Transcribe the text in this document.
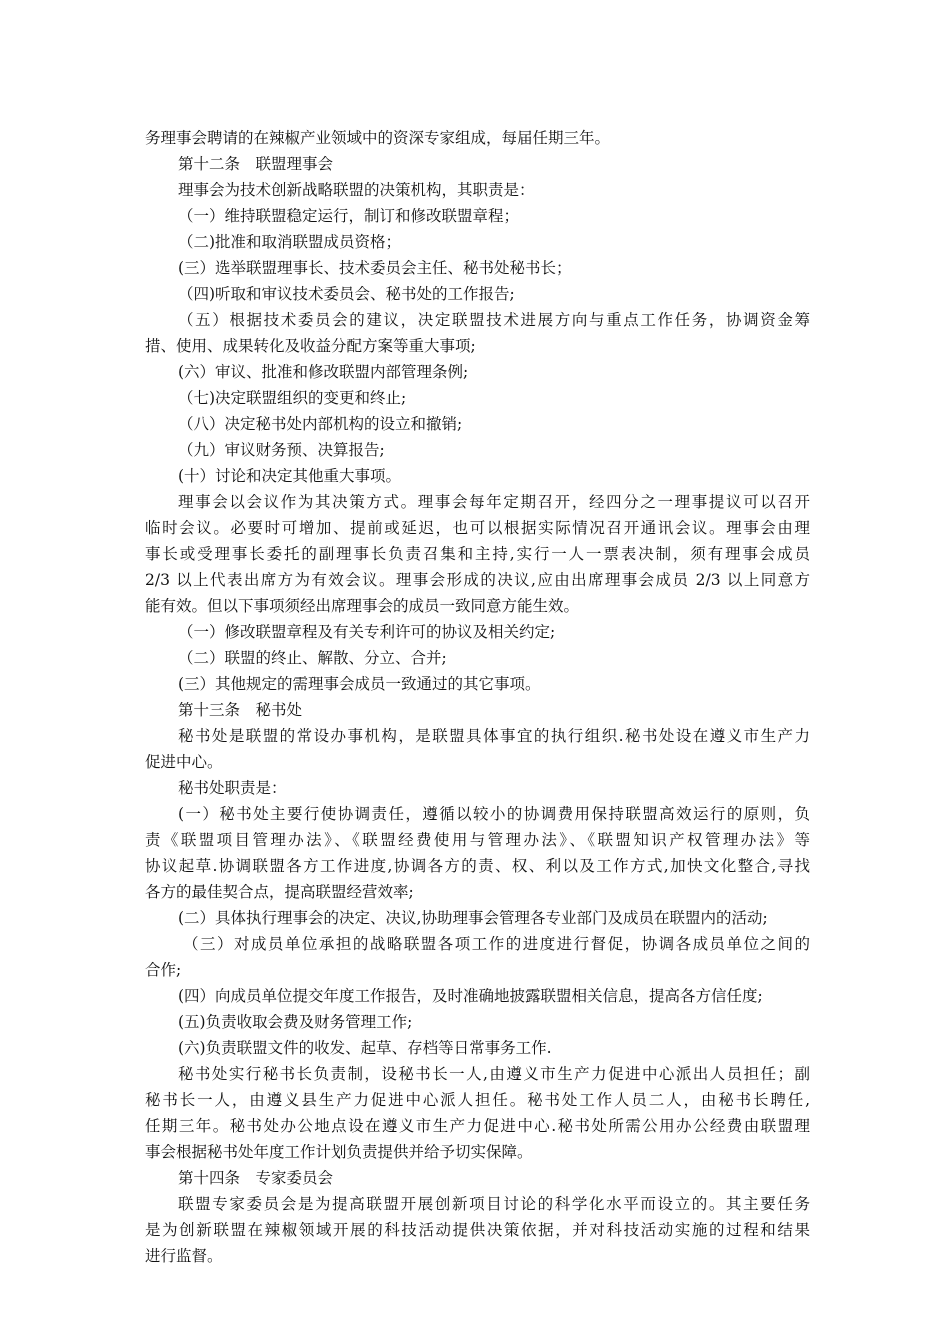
务理事会聘请的在辣椒产业领域中的资深专家组成，每届任期三年。
第十二条　联盟理事会
理事会为技术创新战略联盟的决策机构，其职责是：
（一）维持联盟稳定运行，制订和修改联盟章程；
（二)批准和取消联盟成员资格；
(三）选举联盟理事长、技术委员会主任、秘书处秘书长；
（四)听取和审议技术委员会、秘书处的工作报告;
（五）根据技术委员会的建议，决定联盟技术进展方向与重点工作任务，协调资金筹
措、使用、成果转化及收益分配方案等重大事项;
(六）审议、批准和修改联盟内部管理条例;
（七)决定联盟组织的变更和终止;
（八）决定秘书处内部机构的设立和撤销;
（九）审议财务预、决算报告;
(十）讨论和决定其他重大事项。
理事会以会议作为其决策方式。理事会每年定期召开，经四分之一理事提议可以召开
临时会议。必要时可增加、提前或延迟，也可以根据实际情况召开通讯会议。理事会由理
事长或受理事长委托的副理事长负责召集和主持,实行一人一票表决制，须有理事会成员
2/3 以上代表出席方为有效会议。理事会形成的决议,应由出席理事会成员 2/3 以上同意方
能有效。但以下事项须经出席理事会的成员一致同意方能生效。
（一）修改联盟章程及有关专利许可的协议及相关约定;
（二）联盟的终止、解散、分立、合并;
(三）其他规定的需理事会成员一致通过的其它事项。
第十三条　秘书处
秘书处是联盟的常设办事机构，是联盟具体事宜的执行组织.秘书处设在遵义市生产力
促进中心。
秘书处职责是：
(一）秘书处主要行使协调责任，遵循以较小的协调费用保持联盟高效运行的原则，负
责《联盟项目管理办法》、《联盟经费使用与管理办法》、《联盟知识产权管理办法》等
协议起草.协调联盟各方工作进度,协调各方的责、权、利以及工作方式,加快文化整合,寻找
各方的最佳契合点，提高联盟经营效率;
(二）具体执行理事会的决定、决议,协助理事会管理各专业部门及成员在联盟内的活动;
（三）对成员单位承担的战略联盟各项工作的进度进行督促，协调各成员单位之间的
合作;
(四）向成员单位提交年度工作报告，及时准确地披露联盟相关信息，提高各方信任度;
(五)负责收取会费及财务管理工作;
(六)负责联盟文件的收发、起草、存档等日常事务工作.
秘书处实行秘书长负责制，设秘书长一人,由遵义市生产力促进中心派出人员担任；副
秘书长一人，由遵义县生产力促进中心派人担任。秘书处工作人员二人，由秘书长聘任,
任期三年。秘书处办公地点设在遵义市生产力促进中心.秘书处所需公用办公经费由联盟理
事会根据秘书处年度工作计划负责提供并给予切实保障。
第十四条　专家委员会
联盟专家委员会是为提高联盟开展创新项目讨论的科学化水平而设立的。其主要任务
是为创新联盟在辣椒领域开展的科技活动提供决策依据，并对科技活动实施的过程和结果
进行监督。
